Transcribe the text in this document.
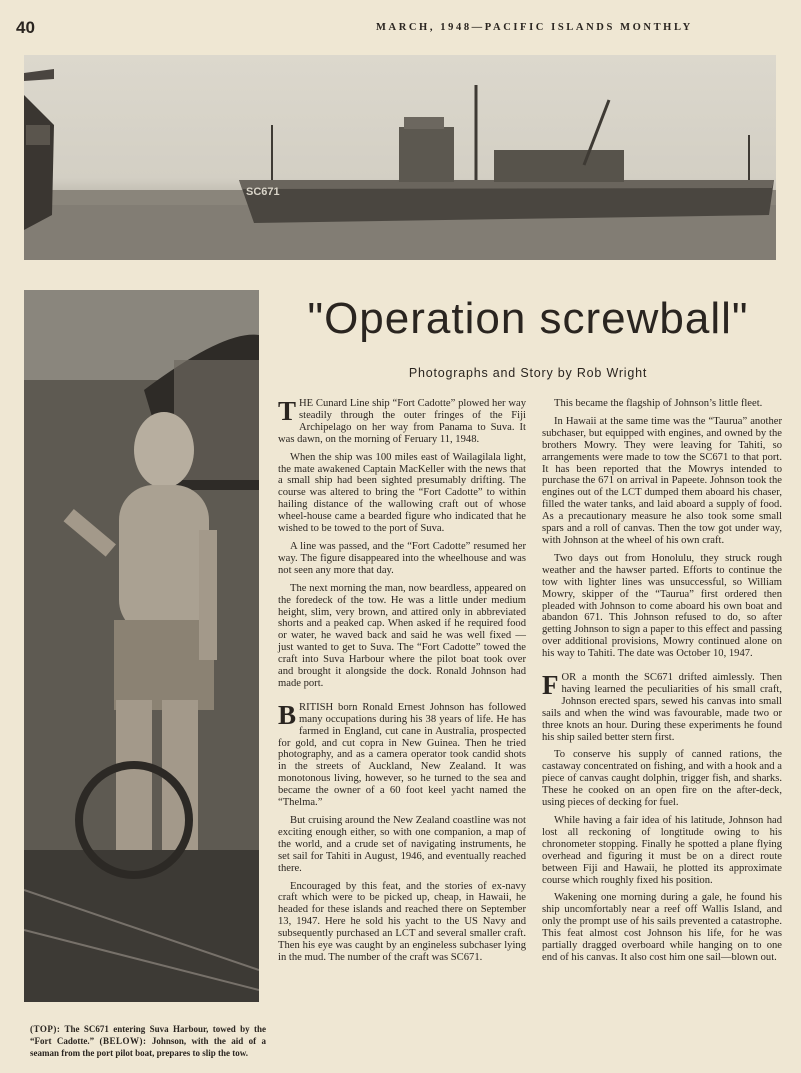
40	MARCH, 1948—PACIFIC ISLANDS MONTHLY
SC671
(TOP): The SC671 entering Suva Harbour, towed by the “Fort Cadotte.” (BELOW): Johnson, with the aid of a seaman from the port pilot boat, prepares to slip the tow.
"Operation screwball"
Photographs and Story by Rob Wright

THE Cunard Line ship “Fort Cadotte” plowed her way steadily through the outer fringes of the Fiji Archipelago on her way from Panama to Suva. It was dawn, on the morning of Feruary 11, 1948.

When the ship was 100 miles east of Wailagilala light, the mate awakened Captain MacKeller with the news that a small ship had been sighted presumably drifting. The course was altered to bring the “Fort Cadotte” to within hailing distance of the wallowing craft out of whose wheel-house came a bearded figure who indicated that he wished to be towed to the port of Suva.

A line was passed, and the “Fort Cadotte” resumed her way. The figure disappeared into the wheelhouse and was not seen any more that day.

The next morning the man, now beardless, appeared on the foredeck of the tow. He was a little under medium height, slim, very brown, and attired only in abbreviated shorts and a peaked cap. When asked if he required food or water, he waved back and said he was well fixed — just wanted to get to Suva. The “Fort Cadotte” towed the craft into Suva Harbour where the pilot boat took over and brought it alongside the dock. Ronald Johnson had made port.

BRITISH born Ronald Ernest Johnson has followed many occupations during his 38 years of life. He has farmed in England, cut cane in Australia, prospected for gold, and cut copra in New Guinea. Then he tried photography, and as a camera operator took candid shots in the streets of Auckland, New Zealand. It was monotonous living, however, so he turned to the sea and became the owner of a 60 foot keel yacht named the “Thelma.”

But cruising around the New Zealand coastline was not exciting enough either, so with one companion, a map of the world, and a crude set of navigating instruments, he set sail for Tahiti in August, 1946, and eventually reached there.

Encouraged by this feat, and the stories of ex-navy craft which were to be picked up, cheap, in Hawaii, he headed for these islands and reached there on September 13, 1947. Here he sold his yacht to the US Navy and subsequently purchased an LCT and several smaller craft. Then his eye was caught by an engineless subchaser lying in the mud. The number of the craft was SC671.

This became the flagship of Johnson’s little fleet.

In Hawaii at the same time was the “Taurua” another subchaser, but equipped with engines, and owned by the brothers Mowry. They were leaving for Tahiti, so arrangements were made to tow the SC671 to that port. It has been reported that the Mowrys intended to purchase the 671 on arrival in Papeete. Johnson took the engines out of the LCT dumped them aboard his chaser, filled the water tanks, and laid aboard a supply of food. As a precautionary measure he also took some small spars and a roll of canvas. Then the tow got under way, with Johnson at the wheel of his own craft.

Two days out from Honolulu, they struck rough weather and the hawser parted. Efforts to continue the tow with lighter lines was unsuccessful, so William Mowry, skipper of the “Taurua” first ordered then pleaded with Johnson to come aboard his own boat and abandon 671. This Johnson refused to do, so after getting Johnson to sign a paper to this effect and passing over additional provisions, Mowry continued alone on his way to Tahiti. The date was October 10, 1947.

FOR a month the SC671 drifted aimlessly. Then having learned the peculiarities of his small craft, Johnson erected spars, sewed his canvas into small sails and when the wind was favourable, made two or three knots an hour. During these experiments he found his ship sailed better stern first.

To conserve his supply of canned rations, the castaway concentrated on fishing, and with a hook and a piece of canvas caught dolphin, trigger fish, and sharks. These he cooked on an open fire on the after-deck, using pieces of decking for fuel.

While having a fair idea of his latitude, Johnson had lost all reckoning of longtitude owing to his chronometer stopping. Finally he spotted a plane flying overhead and figuring it must be on a direct route between Fiji and Hawaii, he plotted its approximate course which roughly fixed his position.

Wakening one morning during a gale, he found his ship uncomfortably near a reef off Wallis Island, and only the prompt use of his sails prevented a catastrophe. This feat almost cost Johnson his life, for he was partially dragged overboard while hanging on to one end of his canvas. It also cost him one sail—blown out.
